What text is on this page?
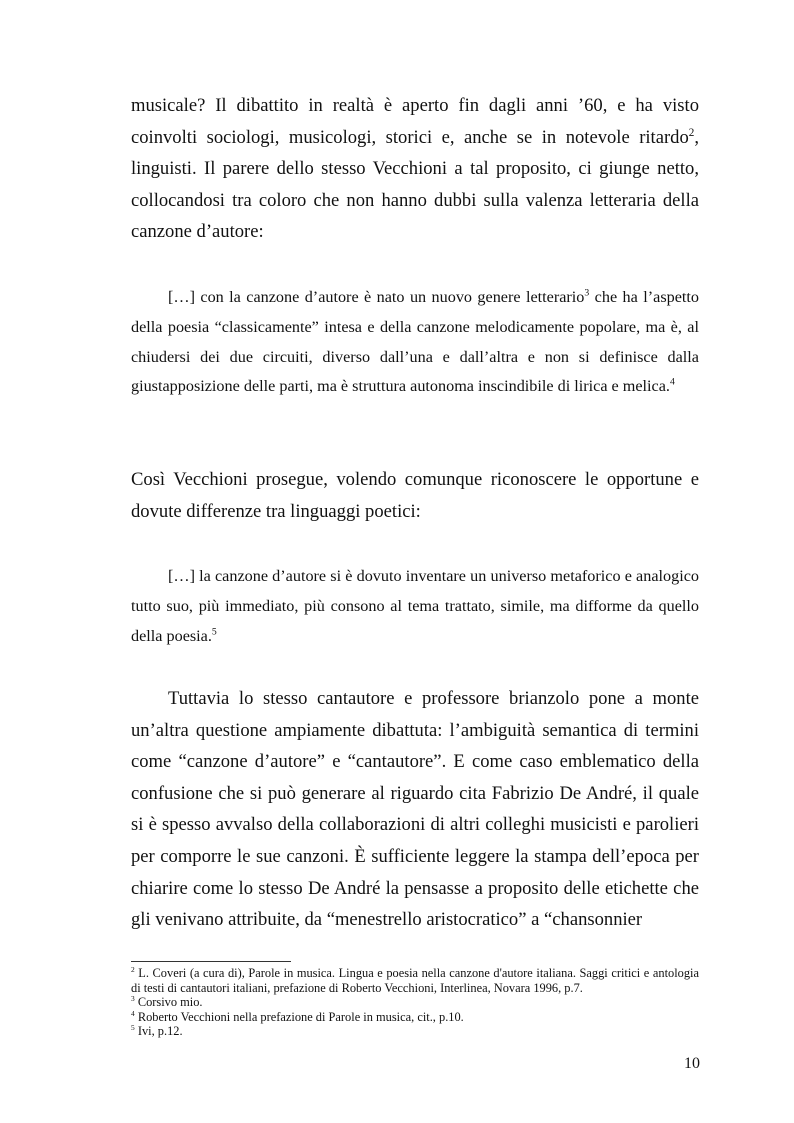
musicale? Il dibattito in realtà è aperto fin dagli anni ’60, e ha visto coinvolti sociologi, musicologi, storici e, anche se in notevole ritardo$^2$, linguisti. Il parere dello stesso Vecchioni a tal proposito, ci giunge netto, collocandosi tra coloro che non hanno dubbi sulla valenza letteraria della canzone d’autore:
[…] con la canzone d’autore è nato un nuovo genere letterario$^3$ che ha l’aspetto della poesia “classicamente” intesa e della canzone melodicamente popolare, ma è, al chiudersi dei due circuiti, diverso dall’una e dall’altra e non si definisce dalla giustapposizione delle parti, ma è struttura autonoma inscindibile di lirica e melica.$^4$
Così Vecchioni prosegue, volendo comunque riconoscere le opportune e dovute differenze tra linguaggi poetici:
[…] la canzone d’autore si è dovuto inventare un universo metaforico e analogico tutto suo, più immediato, più consono al tema trattato, simile, ma difforme da quello della poesia.$^5$
Tuttavia lo stesso cantautore e professore brianzolo pone a monte un’altra questione ampiamente dibattuta: l’ambiguità semantica di termini come “canzone d’autore” e “cantautore”. E come caso emblematico della confusione che si può generare al riguardo cita Fabrizio De André, il quale si è spesso avvalso della collaborazioni di altri colleghi musicisti e parolieri per comporre le sue canzoni. È sufficiente leggere la stampa dell’epoca per chiarire come lo stesso De André la pensasse a proposito delle etichette che gli venivano attribuite, da “menestrello aristocratico” a “chansonnier
$^2$ L. Coveri (a cura di), Parole in musica. Lingua e poesia nella canzone d'autore italiana. Saggi critici e antologia di testi di cantautori italiani, prefazione di Roberto Vecchioni, Interlinea, Novara 1996, p.7.
$^3$ Corsivo mio.
$^4$ Roberto Vecchioni nella prefazione di Parole in musica, cit., p.10.
$^5$ Ivi, p.12.
10
